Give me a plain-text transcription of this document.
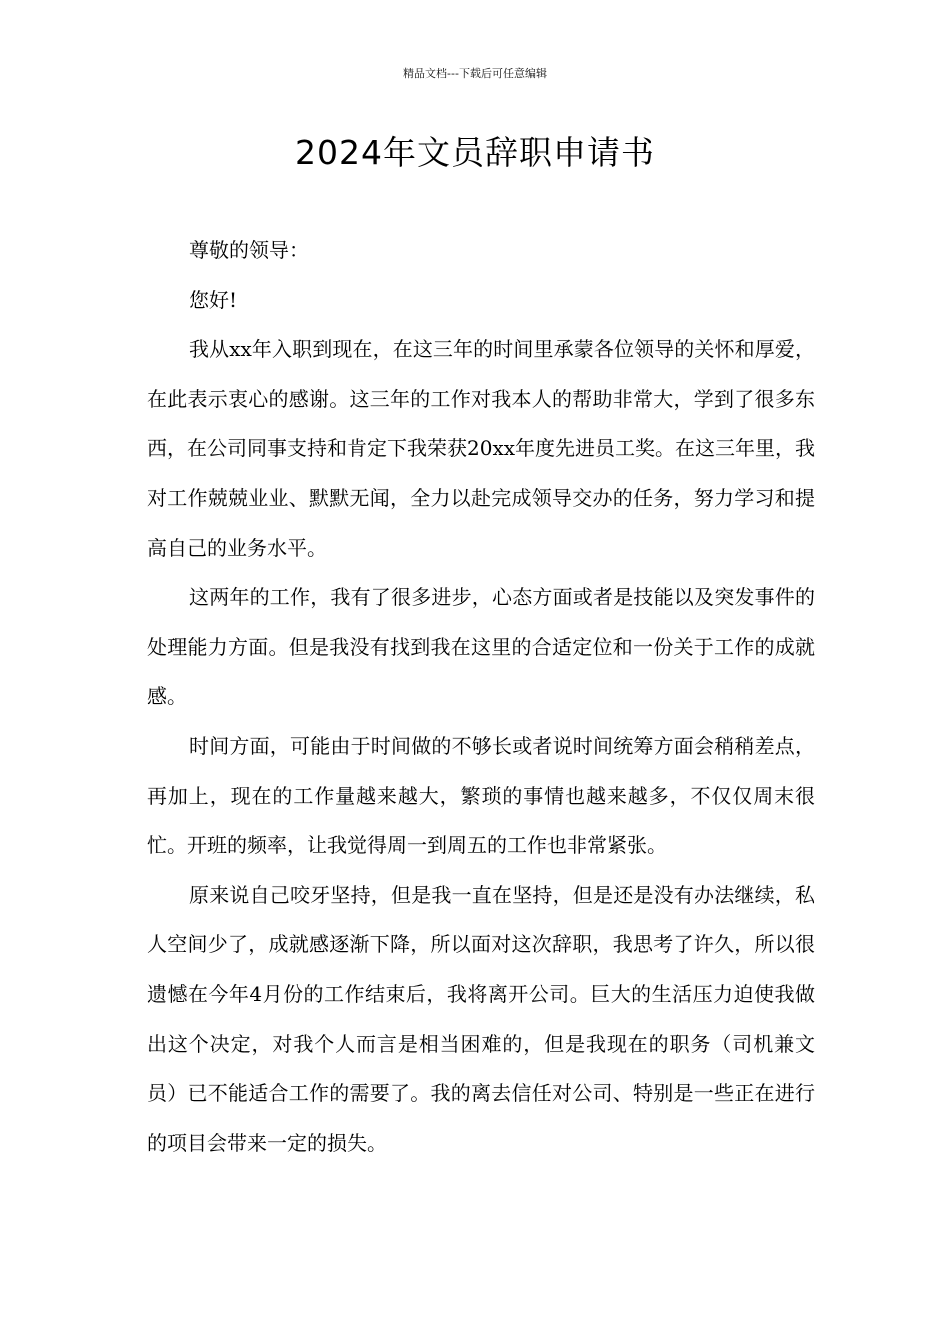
精品文档---下载后可任意编辑
2024年文员辞职申请书

尊敬的领导：

您好!

我从xx年入职到现在，在这三年的时间里承蒙各位领导的关怀和厚爱，在此表示衷心的感谢。这三年的工作对我本人的帮助非常大，学到了很多东西，在公司同事支持和肯定下我荣获20xx年度先进员工奖。在这三年里，我对工作兢兢业业、默默无闻，全力以赴完成领导交办的任务，努力学习和提高自己的业务水平。

这两年的工作，我有了很多进步，心态方面或者是技能以及突发事件的处理能力方面。但是我没有找到我在这里的合适定位和一份关于工作的成就感。

时间方面，可能由于时间做的不够长或者说时间统筹方面会稍稍差点，再加上，现在的工作量越来越大，繁琐的事情也越来越多，不仅仅周末很忙。开班的频率，让我觉得周一到周五的工作也非常紧张。

原来说自己咬牙坚持，但是我一直在坚持，但是还是没有办法继续，私人空间少了，成就感逐渐下降，所以面对这次辞职，我思考了许久，所以很遗憾在今年4月份的工作结束后，我将离开公司。巨大的生活压力迫使我做出这个决定，对我个人而言是相当困难的，但是我现在的职务（司机兼文员）已不能适合工作的需要了。我的离去信任对公司、特别是一些正在进行的项目会带来一定的损失。
